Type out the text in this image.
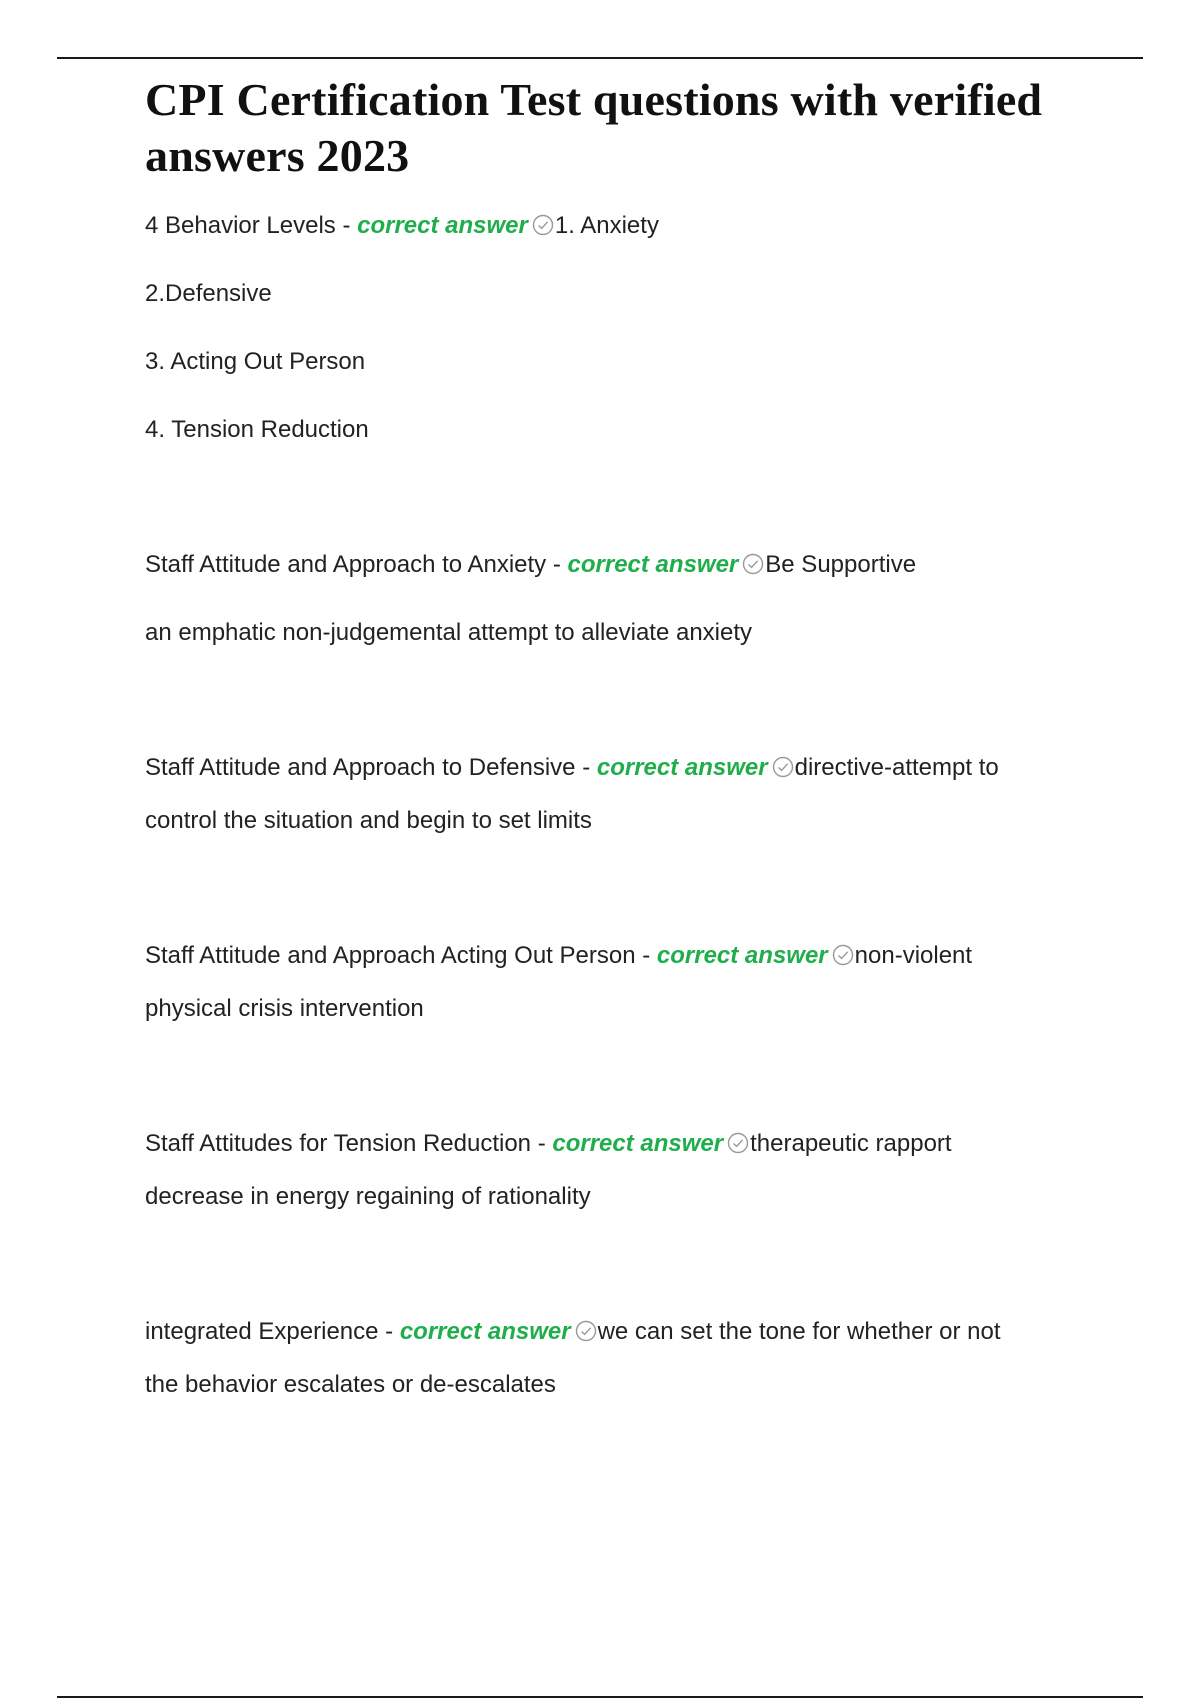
CPI Certification Test questions with verified answers 2023

4 Behavior Levels - correct answer 1. Anxiety

2.Defensive

3. Acting Out Person

4. Tension Reduction

Staff Attitude and Approach to Anxiety - correct answer Be Supportive

an emphatic non-judgemental attempt to alleviate anxiety

Staff Attitude and Approach to Defensive - correct answer directive-attempt to

control the situation and begin to set limits

Staff Attitude and Approach Acting Out Person - correct answer non-violent

physical crisis intervention

Staff Attitudes for Tension Reduction - correct answer therapeutic rapport

decrease in energy regaining of rationality

integrated Experience - correct answer we can set the tone for whether or not

the behavior escalates or de-escalates
